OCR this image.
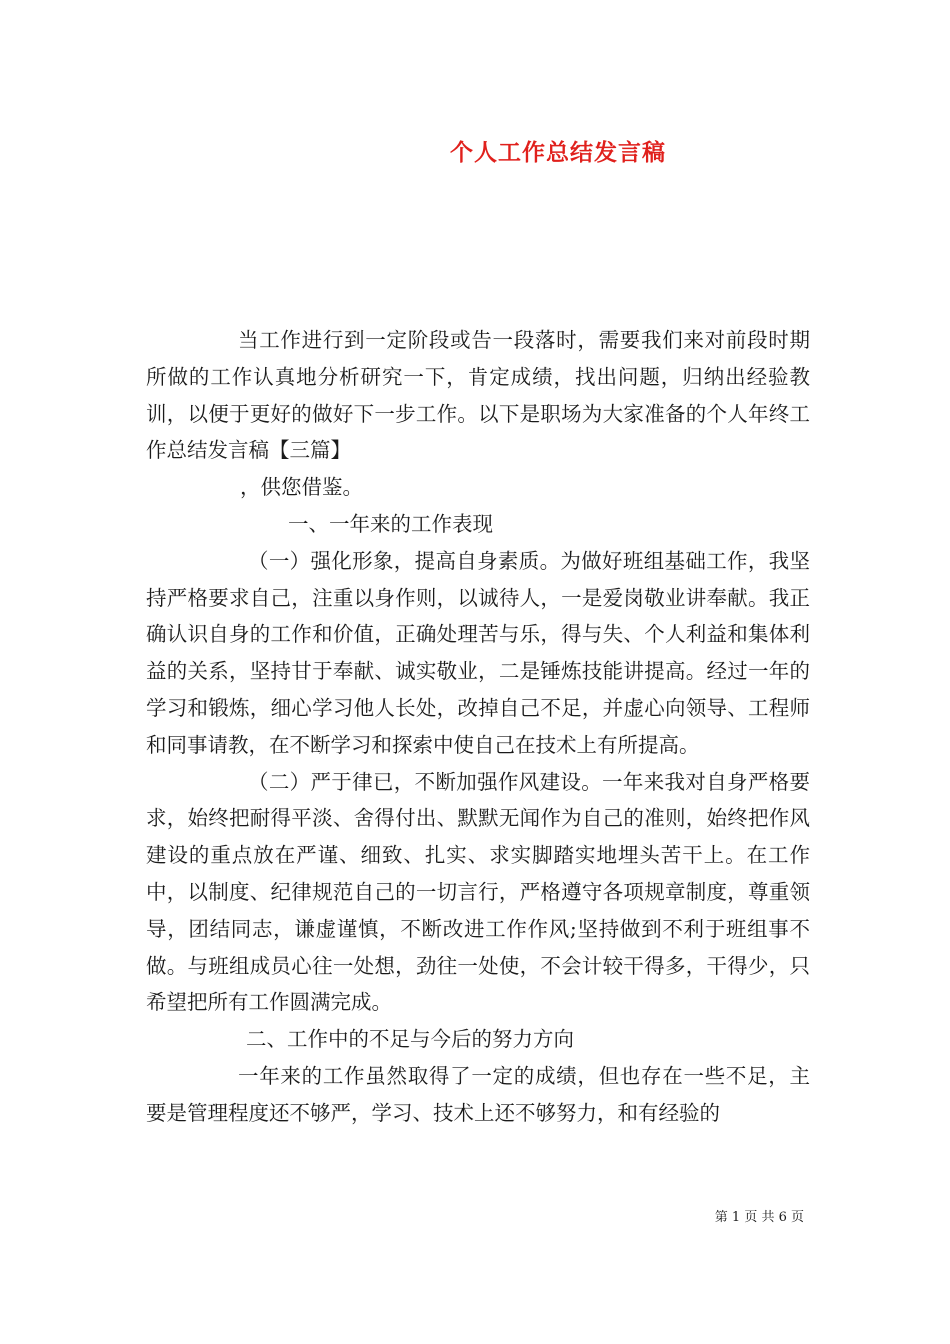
个人工作总结发言稿

当工作进行到一定阶段或告一段落时，需要我们来对前段时期所做的工作认真地分析研究一下，肯定成绩，找出问题，归纳出经验教训，以便于更好的做好下一步工作。以下是职场为大家准备的个人年终工作总结发言稿【三篇】

，供您借鉴。

一、一年来的工作表现

（一）强化形象，提高自身素质。为做好班组基础工作，我坚持严格要求自己，注重以身作则，以诚待人，一是爱岗敬业讲奉献。我正确认识自身的工作和价值，正确处理苦与乐，得与失、个人利益和集体利益的关系，坚持甘于奉献、诚实敬业，二是锤炼技能讲提高。经过一年的学习和锻炼，细心学习他人长处，改掉自己不足，并虚心向领导、工程师和同事请教，在不断学习和探索中使自己在技术上有所提高。

（二）严于律已，不断加强作风建设。一年来我对自身严格要求，始终把耐得平淡、舍得付出、默默无闻作为自己的准则，始终把作风建设的重点放在严谨、细致、扎实、求实脚踏实地埋头苦干上。在工作中，以制度、纪律规范自己的一切言行，严格遵守各项规章制度，尊重领导，团结同志，谦虚谨慎，不断改进工作作风;坚持做到不利于班组事不做。与班组成员心往一处想，劲往一处使，不会计较干得多，干得少，只希望把所有工作圆满完成。

二、工作中的不足与今后的努力方向

一年来的工作虽然取得了一定的成绩，但也存在一些不足，主要是管理程度还不够严，学习、技术上还不够努力，和有经验的

第 1 页 共 6 页
